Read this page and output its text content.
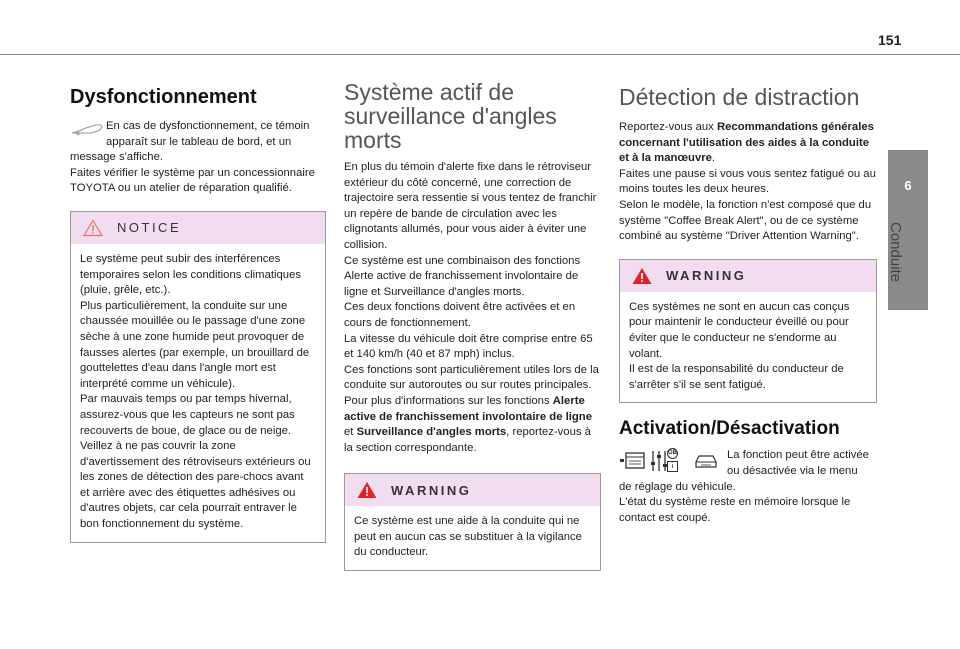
151
6
Conduite
Dysfonctionnement
En cas de dysfonctionnement, ce témoin
apparaît sur le tableau de bord, et un
message s'affiche.
Faites vérifier le système par un concessionnaire TOYOTA ou un atelier de réparation qualifié.
NOTICE
Le système peut subir des interférences temporaires selon les conditions climatiques (pluie, grêle, etc.).
Plus particulièrement, la conduite sur une chaussée mouillée ou le passage d'une zone sèche à une zone humide peut provoquer de fausses alertes (par exemple, un brouillard de gouttelettes d'eau dans l'angle mort est interprété comme un véhicule).
Par mauvais temps ou par temps hivernal, assurez-vous que les capteurs ne sont pas recouverts de boue, de glace ou de neige.
Veillez à ne pas couvrir la zone d'avertissement des rétroviseurs extérieurs ou les zones de détection des pare-chocs avant et arrière avec des étiquettes adhésives ou d'autres objets, car cela pourrait entraver le bon fonctionnement du système.
Système actif de surveillance d'angles morts
En plus du témoin d'alerte fixe dans le rétroviseur extérieur du côté concerné, une correction de trajectoire sera ressentie si vous tentez de franchir un repère de bande de circulation avec les clignotants allumés, pour vous aider à éviter une collision.
Ce système est une combinaison des fonctions Alerte active de franchissement involontaire de ligne et Surveillance d'angles morts.
Ces deux fonctions doivent être activées et en cours de fonctionnement.
La vitesse du véhicule doit être comprise entre 65 et 140 km/h (40 et 87 mph) inclus.
Ces fonctions sont particulièrement utiles lors de la conduite sur autoroutes ou sur routes principales.
Pour plus d'informations sur les fonctions Alerte active de franchissement involontaire de ligne et Surveillance d'angles morts, reportez-vous à la section correspondante.
WARNING
Ce système est une aide à la conduite qui ne peut en aucun cas se substituer à la vigilance du conducteur.
Détection de distraction
Reportez-vous aux Recommandations générales concernant l'utilisation des aides à la conduite et à la manœuvre.
Faites une pause si vous vous sentez fatigué ou au moins toutes les deux heures.
Selon le modèle, la fonction n'est composé que du système "Coffee Break Alert", ou de ce système combiné au système "Driver Attention Warning".
WARNING
Ces systèmes ne sont en aucun cas conçus pour maintenir le conducteur éveillé ou pour éviter que le conducteur ne s'endorme au volant.
Il est de la responsabilité du conducteur de s'arrêter s'il se sent fatigué.
Activation/Désactivation
GB
i
La fonction peut être activée
ou désactivée via le menu
de réglage du véhicule.
L'état du système reste en mémoire lorsque le contact est coupé.
